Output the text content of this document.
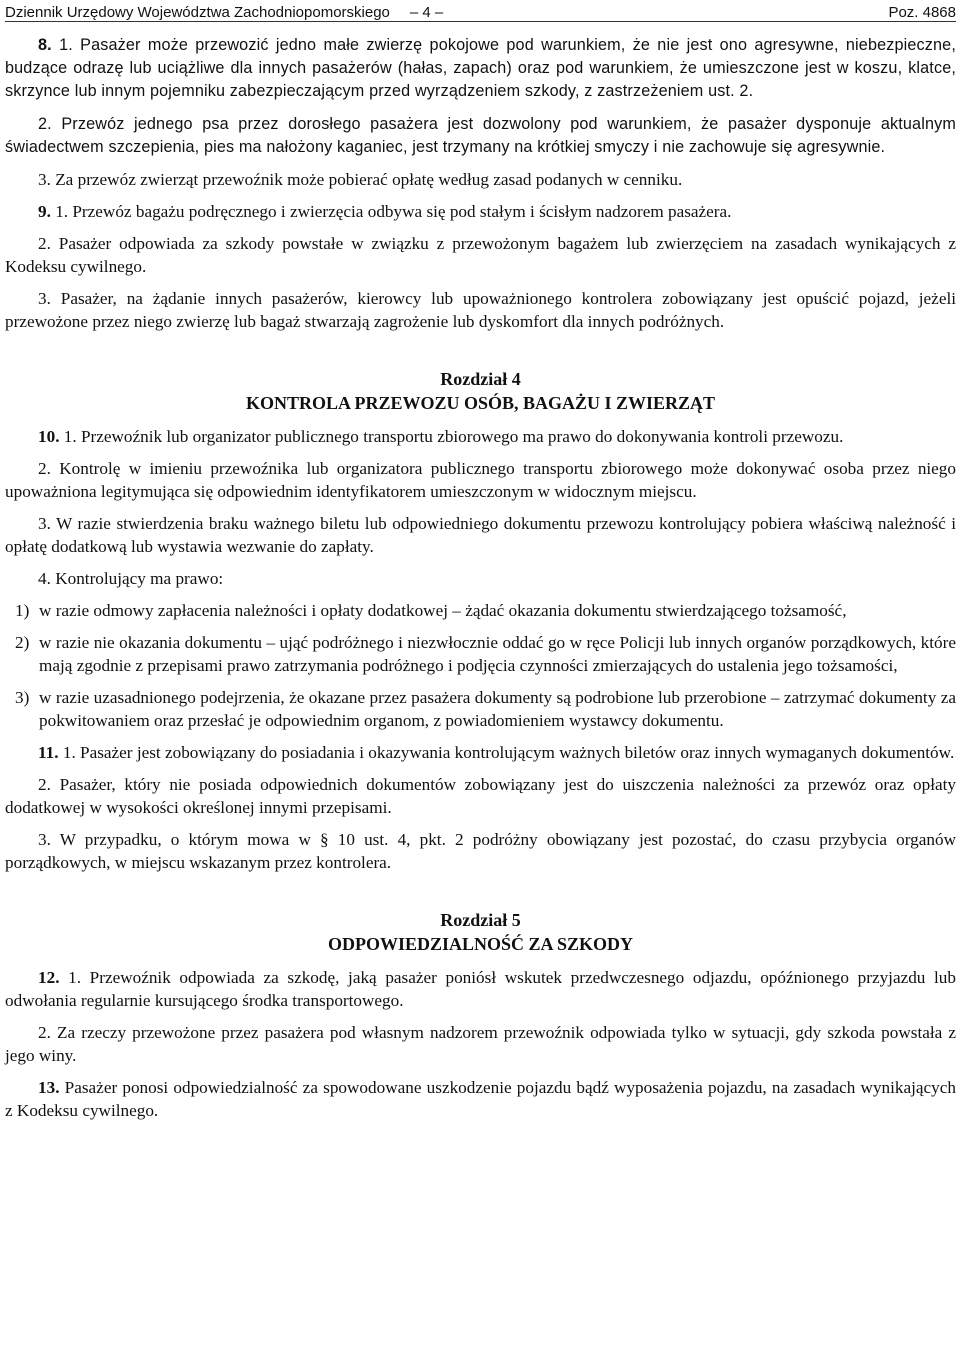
Dziennik Urzędowy Województwa Zachodniopomorskiego – 4 –	Poz. 4868

8. 1. Pasażer może przewozić jedno małe zwierzę pokojowe pod warunkiem, że nie jest ono agresywne, niebezpieczne, budzące odrazę lub uciążliwe dla innych pasażerów (hałas, zapach) oraz pod warunkiem, że umieszczone jest w koszu, klatce, skrzynce lub innym pojemniku zabezpieczającym przed wyrządzeniem szkody, z zastrzeżeniem ust. 2.

2. Przewóz jednego psa przez dorosłego pasażera jest dozwolony pod warunkiem, że pasażer dysponuje aktualnym świadectwem szczepienia, pies ma nałożony kaganiec, jest trzymany na krótkiej smyczy i nie zachowuje się agresywnie.

3. Za przewóz zwierząt przewoźnik może pobierać opłatę według zasad podanych w cenniku.

9. 1. Przewóz bagażu podręcznego i zwierzęcia odbywa się pod stałym i ścisłym nadzorem pasażera.

2. Pasażer odpowiada za szkody powstałe w związku z przewożonym bagażem lub zwierzęciem na zasadach wynikających z Kodeksu cywilnego.

3. Pasażer, na żądanie innych pasażerów, kierowcy lub upoważnionego kontrolera zobowiązany jest opuścić pojazd, jeżeli przewożone przez niego zwierzę lub bagaż stwarzają zagrożenie lub dyskomfort dla innych podróżnych.

Rozdział 4

KONTROLA PRZEWOZU OSÓB, BAGAŻU I ZWIERZĄT

10. 1. Przewoźnik lub organizator publicznego transportu zbiorowego ma prawo do dokonywania kontroli przewozu.

2. Kontrolę w imieniu przewoźnika lub organizatora publicznego transportu zbiorowego może dokonywać osoba przez niego upoważniona legitymująca się odpowiednim identyfikatorem umieszczonym w widocznym miejscu.

3. W razie stwierdzenia braku ważnego biletu lub odpowiedniego dokumentu przewozu kontrolujący pobiera właściwą należność i opłatę dodatkową lub wystawia wezwanie do zapłaty.

4. Kontrolujący ma prawo:

1) w razie odmowy zapłacenia należności i opłaty dodatkowej – żądać okazania dokumentu stwierdzającego tożsamość,
2) w razie nie okazania dokumentu – ująć podróżnego i niezwłocznie oddać go w ręce Policji lub innych organów porządkowych, które mają zgodnie z przepisami prawo zatrzymania podróżnego i podjęcia czynności zmierzających do ustalenia jego tożsamości,
3) w razie uzasadnionego podejrzenia, że okazane przez pasażera dokumenty są podrobione lub przerobione – zatrzymać dokumenty za pokwitowaniem oraz przesłać je odpowiednim organom, z powiadomieniem wystawcy dokumentu.

11. 1. Pasażer jest zobowiązany do posiadania i okazywania kontrolującym ważnych biletów oraz innych wymaganych dokumentów.

2. Pasażer, który nie posiada odpowiednich dokumentów zobowiązany jest do uiszczenia należności za przewóz oraz opłaty dodatkowej w wysokości określonej innymi przepisami.

3. W przypadku, o którym mowa w § 10 ust. 4, pkt. 2 podróżny obowiązany jest pozostać, do czasu przybycia organów porządkowych, w miejscu wskazanym przez kontrolera.

Rozdział 5

ODPOWIEDZIALNOŚĆ ZA SZKODY

12. 1. Przewoźnik odpowiada za szkodę, jaką pasażer poniósł wskutek przedwczesnego odjazdu, opóźnionego przyjazdu lub odwołania regularnie kursującego środka transportowego.

2. Za rzeczy przewożone przez pasażera pod własnym nadzorem przewoźnik odpowiada tylko w sytuacji, gdy szkoda powstała z jego winy.

13. Pasażer ponosi odpowiedzialność za spowodowane uszkodzenie pojazdu bądź wyposażenia pojazdu, na zasadach wynikających z Kodeksu cywilnego.
